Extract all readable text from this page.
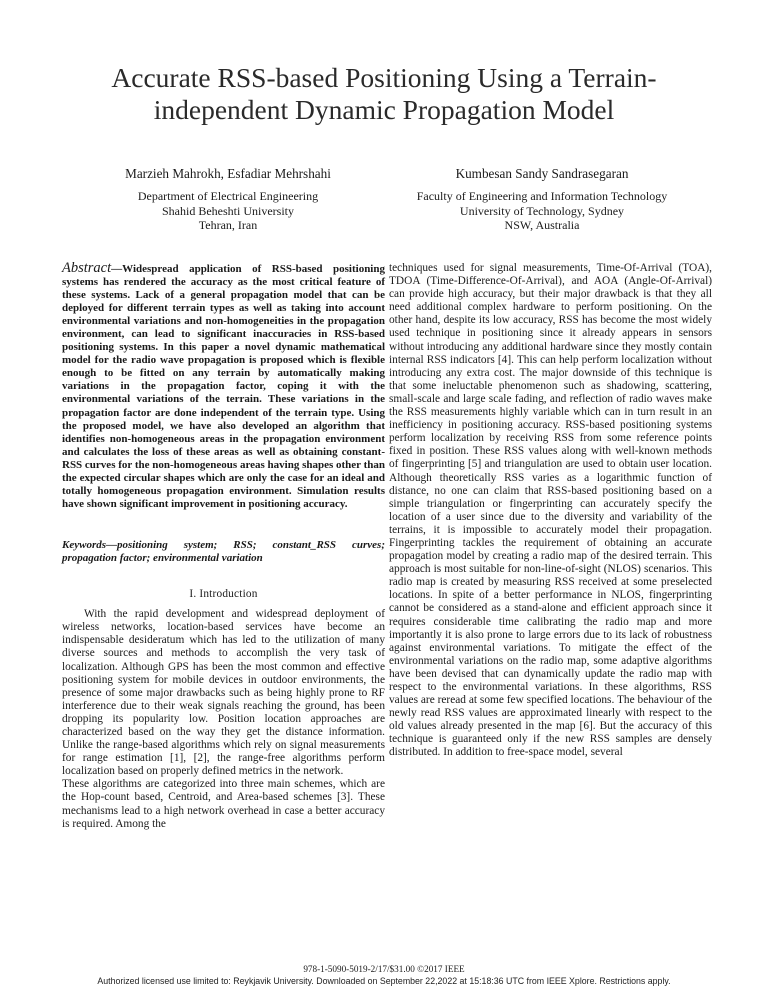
Accurate RSS-based Positioning Using a Terrain-
independent Dynamic Propagation Model
Marzieh Mahrokh, Esfadiar Mehrshahi
Department of Electrical Engineering
Shahid Beheshti University
Tehran, Iran
Kumbesan Sandy Sandrasegaran
Faculty of Engineering and Information Technology
University of Technology, Sydney
NSW, Australia
Abstract—Widespread application of RSS-based positioning systems has rendered the accuracy as the most critical feature of these systems. Lack of a general propagation model that can be deployed for different terrain types as well as taking into account environmental variations and non-homogeneities in the propagation environment, can lead to significant inaccuracies in RSS-based positioning systems. In this paper a novel dynamic mathematical model for the radio wave propagation is proposed which is flexible enough to be fitted on any terrain by automatically making variations in the propagation factor, coping it with the environmental variations of the terrain. These variations in the propagation factor are done independent of the terrain type. Using the proposed model, we have also developed an algorithm that identifies non-homogeneous areas in the propagation environment and calculates the loss of these areas as well as obtaining constant-RSS curves for the non-homogeneous areas having shapes other than the expected circular shapes which are only the case for an ideal and totally homogeneous propagation environment. Simulation results have shown significant improvement in positioning accuracy.
Keywords—positioning system; RSS; constant_RSS curves; propagation factor; environmental variation
I. Introduction

With the rapid development and widespread deployment of wireless networks, location-based services have become an indispensable desideratum which has led to the utilization of many diverse sources and methods to accomplish the very task of localization. Although GPS has been the most common and effective positioning system for mobile devices in outdoor environments, the presence of some major drawbacks such as being highly prone to RF interference due to their weak signals reaching the ground, has been dropping its popularity low. Position location approaches are characterized based on the way they get the distance information. Unlike the range-based algorithms which rely on signal measurements for range estimation [1], [2], the range-free algorithms perform localization based on properly defined metrics in the network.

These algorithms are categorized into three main schemes, which are the Hop-count based, Centroid, and Area-based schemes [3]. These mechanisms lead to a high network overhead in case a better accuracy is required. Among the

techniques used for signal measurements, Time-Of-Arrival (TOA), TDOA (Time-Difference-Of-Arrival), and AOA (Angle-Of-Arrival) can provide high accuracy, but their major drawback is that they all need additional complex hardware to perform positioning. On the other hand, despite its low accuracy, RSS has become the most widely used technique in positioning since it already appears in sensors without introducing any additional hardware since they mostly contain internal RSS indicators [4]. This can help perform localization without introducing any extra cost. The major downside of this technique is that some ineluctable phenomenon such as shadowing, scattering, small-scale and large scale fading, and reflection of radio waves make the RSS measurements highly variable which can in turn result in an inefficiency in positioning accuracy. RSS-based positioning systems perform localization by receiving RSS from some reference points fixed in position. These RSS values along with well-known methods of fingerprinting [5] and triangulation are used to obtain user location. Although theoretically RSS varies as a logarithmic function of distance, no one can claim that RSS-based positioning based on a simple triangulation or fingerprinting can accurately specify the location of a user since due to the diversity and variability of the terrains, it is impossible to accurately model their propagation. Fingerprinting tackles the requirement of obtaining an accurate propagation model by creating a radio map of the desired terrain. This approach is most suitable for non-line-of-sight (NLOS) scenarios. This radio map is created by measuring RSS received at some preselected locations. In spite of a better performance in NLOS, fingerprinting cannot be considered as a stand-alone and efficient approach since it requires considerable time calibrating the radio map and more importantly it is also prone to large errors due to its lack of robustness against environmental variations. To mitigate the effect of the environmental variations on the radio map, some adaptive algorithms have been devised that can dynamically update the radio map with respect to the environmental variations. In these algorithms, RSS values are reread at some few specified locations. The behaviour of the newly read RSS values are approximated linearly with respect to the old values already presented in the map [6]. But the accuracy of this technique is guaranteed only if the new RSS samples are densely distributed. In addition to free-space model, several

978-1-5090-5019-2/17/$31.00 ©2017 IEEE
Authorized licensed use limited to: Reykjavik University. Downloaded on September 22,2022 at 15:18:36 UTC from IEEE Xplore. Restrictions apply.
